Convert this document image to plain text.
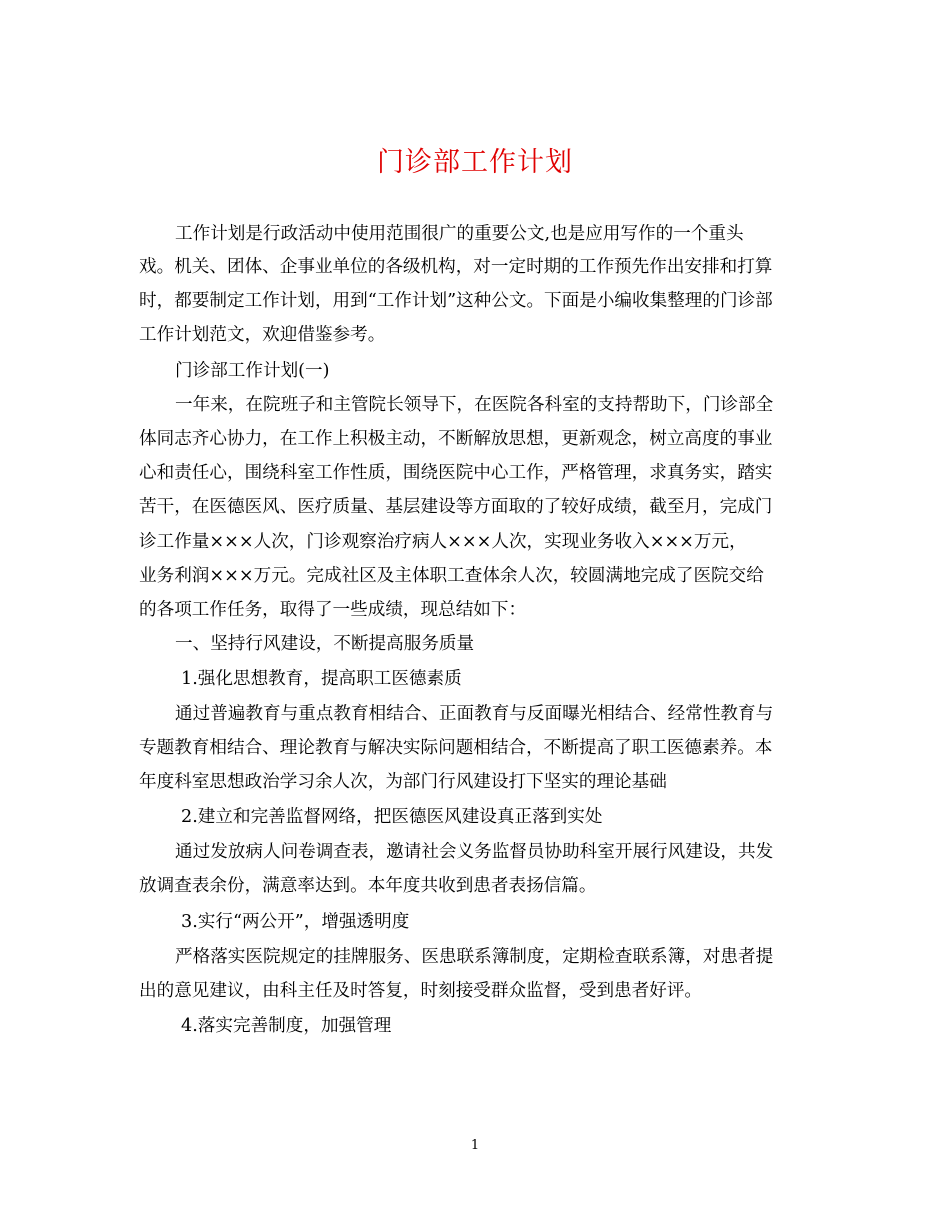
门诊部工作计划
工作计划是行政活动中使用范围很广的重要公文,也是应用写作的一个重头
戏。机关、团体、企事业单位的各级机构，对一定时期的工作预先作出安排和打算
时，都要制定工作计划，用到“工作计划”这种公文。下面是小编收集整理的门诊部
工作计划范文，欢迎借鉴参考。
门诊部工作计划(一)
一年来，在院班子和主管院长领导下，在医院各科室的支持帮助下，门诊部全
体同志齐心协力，在工作上积极主动，不断解放思想，更新观念，树立高度的事业
心和责任心，围绕科室工作性质，围绕医院中心工作，严格管理，求真务实，踏实
苦干，在医德医风、医疗质量、基层建设等方面取的了较好成绩，截至月，完成门
诊工作量×××人次，门诊观察治疗病人×××人次，实现业务收入×××万元，
业务利润×××万元。完成社区及主体职工查体余人次，较圆满地完成了医院交给
的各项工作任务，取得了一些成绩，现总结如下：
一、坚持行风建设，不断提高服务质量
1.强化思想教育，提高职工医德素质
通过普遍教育与重点教育相结合、正面教育与反面曝光相结合、经常性教育与
专题教育相结合、理论教育与解决实际问题相结合，不断提高了职工医德素养。本
年度科室思想政治学习余人次，为部门行风建设打下坚实的理论基础
2.建立和完善监督网络，把医德医风建设真正落到实处
通过发放病人问卷调查表，邀请社会义务监督员协助科室开展行风建设，共发
放调查表余份，满意率达到。本年度共收到患者表扬信篇。
3.实行“两公开”，增强透明度
严格落实医院规定的挂牌服务、医患联系簿制度，定期检查联系簿，对患者提
出的意见建议，由科主任及时答复，时刻接受群众监督，受到患者好评。
4.落实完善制度，加强管理
1
